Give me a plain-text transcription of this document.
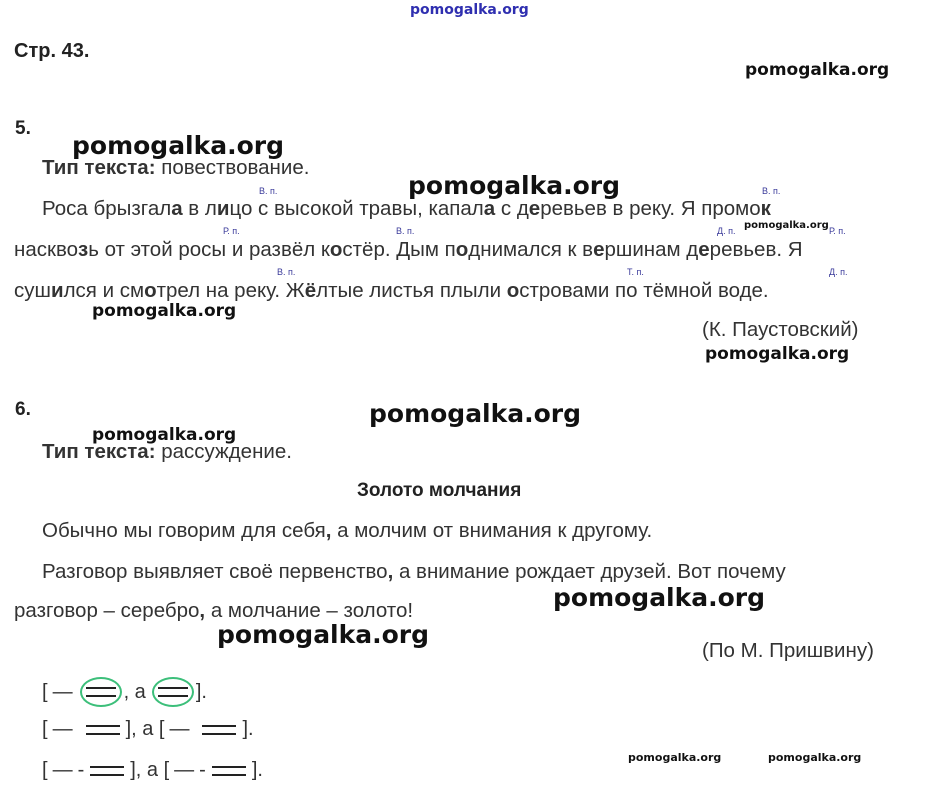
pomogalka.org
pomogalka.org
pomogalka.org
pomogalka.org
pomogalka.org
pomogalka.org
pomogalka.org
pomogalka.org
pomogalka.org
pomogalka.org
pomogalka.org
pomogalka.org	pomogalka.org
Стр. 43.
5.
Тип текста: повествование.
В. п.	В. п.
Р. п.	В. п.	Д. п.	Р. п.
В. п.	Т. п.	Д. п.
Роса брызгала в лицо с высокой травы, капала с деревьев в реку. Я промок
насквозь от этой росы и развёл костёр. Дым поднимался к вершинам деревьев. Я
сушился и смотрел на реку. Жёлтые листья плыли островами по тёмной воде.
(К. Паустовский)
6.
Тип текста: рассуждение.
Золото молчания
Обычно мы говорим для себя, а молчим от внимания к другому.
Разговор выявляет своё первенство, а внимание рождает друзей. Вот почему
разговор – серебро, а молчание – золото!
(По М. Пришвину)
[ —	, а	].
[ —	], а [ —	].
[ — - ], а [ — - ].
